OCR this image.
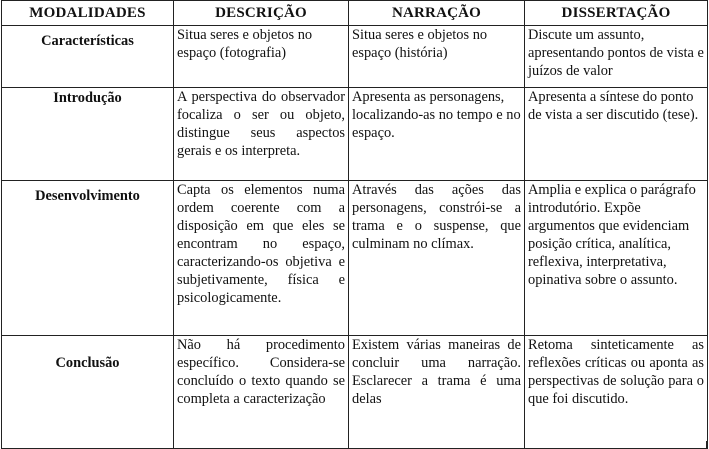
MODALIDADES	DESCRIÇÃO	NARRAÇÃO	DISSERTAÇÃO
Características	Situa seres e objetos no espaço (fotografia)	Situa seres e objetos no espaço (história)	Discute um assunto, apresentando pontos de vista e juízos de valor
Introdução	A perspectiva do observador focaliza o ser ou objeto, distingue seus aspectos gerais e os interpreta.	Apresenta as personagens, localizando-as no tempo e no espaço.	Apresenta a síntese do ponto de vista a ser discutido (tese).
Desenvolvimento	Capta os elementos numa ordem coerente com a disposição em que eles se encontram no espaço, caracterizando-os objetiva e subjetivamente, física e psicologicamente.	Através das ações das personagens, constrói-se a trama e o suspense, que culminam no clímax.	Amplia e explica o parágrafo introdutório. Expõe argumentos que evidenciam posição crítica, analítica, reflexiva, interpretativa, opinativa sobre o assunto.
Conclusão	Não há procedimento específico. Considera-se concluído o texto quando se completa a caracterização	Existem várias maneiras de concluir uma narração. Esclarecer a trama é uma delas	Retoma sinteticamente as reflexões críticas ou aponta as perspectivas de solução para o que foi discutido.
